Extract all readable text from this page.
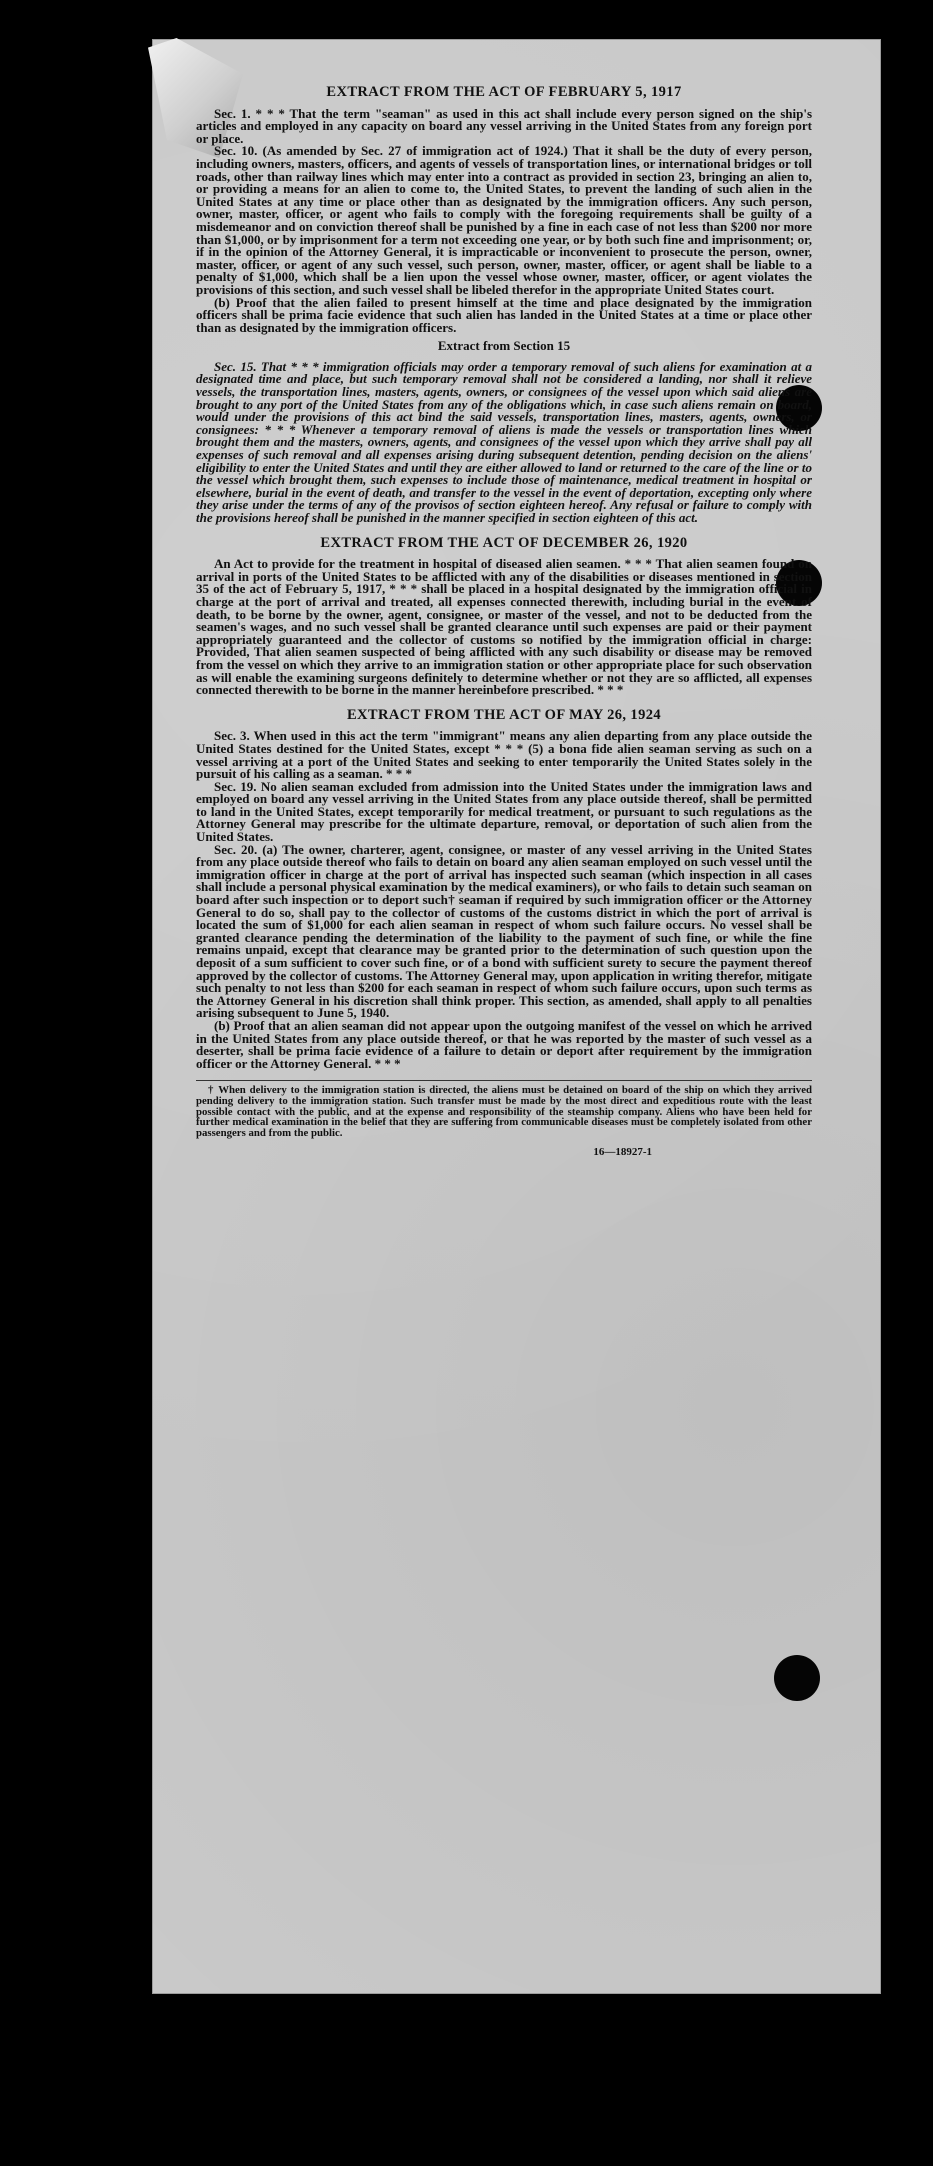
EXTRACT FROM THE ACT OF FEBRUARY 5, 1917

Sec. 1. * * * That the term "seaman" as used in this act shall include every person signed on the ship's articles and employed in any capacity on board any vessel arriving in the United States from any foreign port or place.

Sec. 10. (As amended by Sec. 27 of immigration act of 1924.) That it shall be the duty of every person, including owners, masters, officers, and agents of vessels of transportation lines, or international bridges or toll roads, other than railway lines which may enter into a contract as provided in section 23, bringing an alien to, or providing a means for an alien to come to, the United States, to prevent the landing of such alien in the United States at any time or place other than as designated by the immigration officers. Any such person, owner, master, officer, or agent who fails to comply with the foregoing requirements shall be guilty of a misdemeanor and on conviction thereof shall be punished by a fine in each case of not less than $200 nor more than $1,000, or by imprisonment for a term not exceeding one year, or by both such fine and imprisonment; or, if in the opinion of the Attorney General, it is impracticable or inconvenient to prosecute the person, owner, master, officer, or agent of any such vessel, such person, owner, master, officer, or agent shall be liable to a penalty of $1,000, which shall be a lien upon the vessel whose owner, master, officer, or agent violates the provisions of this section, and such vessel shall be libeled therefor in the appropriate United States court.

(b) Proof that the alien failed to present himself at the time and place designated by the immigration officers shall be prima facie evidence that such alien has landed in the United States at a time or place other than as designated by the immigration officers.

Extract from Section 15

Sec. 15. That * * * immigration officials may order a temporary removal of such aliens for examination at a designated time and place, but such temporary removal shall not be considered a landing, nor shall it relieve vessels, the transportation lines, masters, agents, owners, or consignees of the vessel upon which said aliens are brought to any port of the United States from any of the obligations which, in case such aliens remain on board, would under the provisions of this act bind the said vessels, transportation lines, masters, agents, owners, or consignees: * * * Whenever a temporary removal of aliens is made the vessels or transportation lines which brought them and the masters, owners, agents, and consignees of the vessel upon which they arrive shall pay all expenses of such removal and all expenses arising during subsequent detention, pending decision on the aliens' eligibility to enter the United States and until they are either allowed to land or returned to the care of the line or to the vessel which brought them, such expenses to include those of maintenance, medical treatment in hospital or elsewhere, burial in the event of death, and transfer to the vessel in the event of deportation, excepting only where they arise under the terms of any of the provisos of section eighteen hereof. Any refusal or failure to comply with the provisions hereof shall be punished in the manner specified in section eighteen of this act.

EXTRACT FROM THE ACT OF DECEMBER 26, 1920

An Act to provide for the treatment in hospital of diseased alien seamen. * * * That alien seamen found on arrival in ports of the United States to be afflicted with any of the disabilities or diseases mentioned in section 35 of the act of February 5, 1917, * * * shall be placed in a hospital designated by the immigration official in charge at the port of arrival and treated, all expenses connected therewith, including burial in the event of death, to be borne by the owner, agent, consignee, or master of the vessel, and not to be deducted from the seamen's wages, and no such vessel shall be granted clearance until such expenses are paid or their payment appropriately guaranteed and the collector of customs so notified by the immigration official in charge: Provided, That alien seamen suspected of being afflicted with any such disability or disease may be removed from the vessel on which they arrive to an immigration station or other appropriate place for such observation as will enable the examining surgeons definitely to determine whether or not they are so afflicted, all expenses connected therewith to be borne in the manner hereinbefore prescribed. * * *

EXTRACT FROM THE ACT OF MAY 26, 1924

Sec. 3. When used in this act the term "immigrant" means any alien departing from any place outside the United States destined for the United States, except * * * (5) a bona fide alien seaman serving as such on a vessel arriving at a port of the United States and seeking to enter temporarily the United States solely in the pursuit of his calling as a seaman. * * *

Sec. 19. No alien seaman excluded from admission into the United States under the immigration laws and employed on board any vessel arriving in the United States from any place outside thereof, shall be permitted to land in the United States, except temporarily for medical treatment, or pursuant to such regulations as the Attorney General may prescribe for the ultimate departure, removal, or deportation of such alien from the United States.

Sec. 20. (a) The owner, charterer, agent, consignee, or master of any vessel arriving in the United States from any place outside thereof who fails to detain on board any alien seaman employed on such vessel until the immigration officer in charge at the port of arrival has inspected such seaman (which inspection in all cases shall include a personal physical examination by the medical examiners), or who fails to detain such seaman on board after such inspection or to deport such† seaman if required by such immigration officer or the Attorney General to do so, shall pay to the collector of customs of the customs district in which the port of arrival is located the sum of $1,000 for each alien seaman in respect of whom such failure occurs. No vessel shall be granted clearance pending the determination of the liability to the payment of such fine, or while the fine remains unpaid, except that clearance may be granted prior to the determination of such question upon the deposit of a sum sufficient to cover such fine, or of a bond with sufficient surety to secure the payment thereof approved by the collector of customs. The Attorney General may, upon application in writing therefor, mitigate such penalty to not less than $200 for each seaman in respect of whom such failure occurs, upon such terms as the Attorney General in his discretion shall think proper. This section, as amended, shall apply to all penalties arising subsequent to June 5, 1940.

(b) Proof that an alien seaman did not appear upon the outgoing manifest of the vessel on which he arrived in the United States from any place outside thereof, or that he was reported by the master of such vessel as a deserter, shall be prima facie evidence of a failure to detain or deport after requirement by the immigration officer or the Attorney General. * * *

† When delivery to the immigration station is directed, the aliens must be detained on board of the ship on which they arrived pending delivery to the immigration station. Such transfer must be made by the most direct and expeditious route with the least possible contact with the public, and at the expense and responsibility of the steamship company. Aliens who have been held for further medical examination in the belief that they are suffering from communicable diseases must be completely isolated from other passengers and from the public.
16—18927-1
